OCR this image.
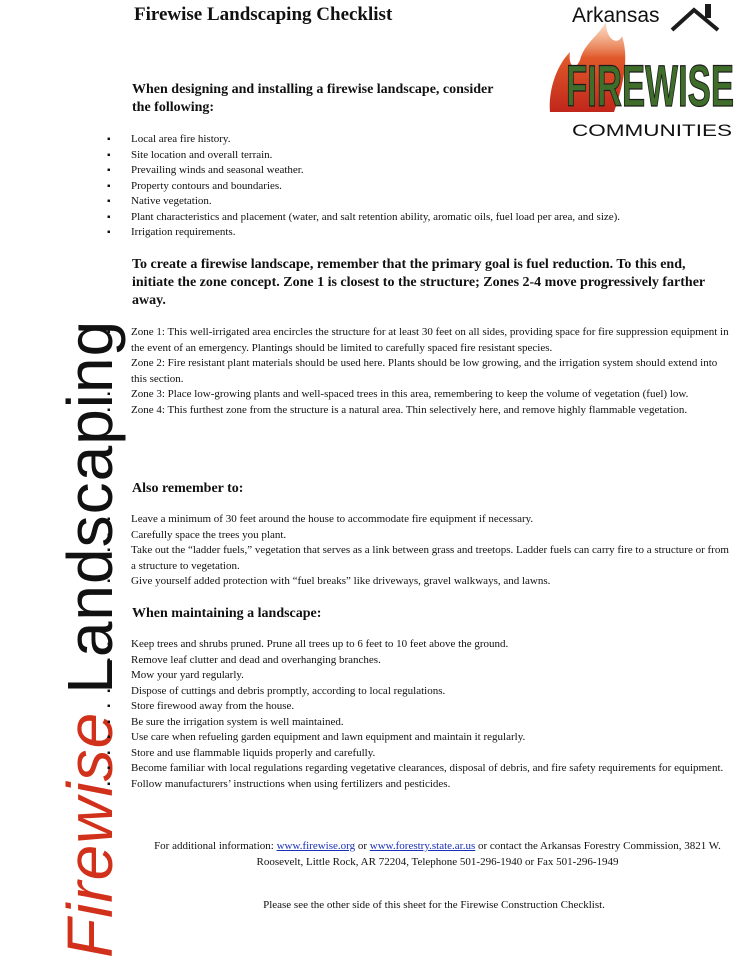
FirewiseLandscaping
Arkansas
FIREWISE
COMMUNITIES
Firewise Landscaping Checklist
When designing and installing a firewise landscape, consider the following:
▪ Local area fire history.
▪ Site location and overall terrain.
▪ Prevailing winds and seasonal weather.
▪ Property contours and boundaries.
▪ Native vegetation.
▪ Plant characteristics and placement (water, and salt retention ability, aromatic oils, fuel load per area, and size).
▪ Irrigation requirements.
To create a firewise landscape, remember that the primary goal is fuel reduction. To this end, initiate the zone concept. Zone 1 is closest to the structure; Zones 2-4 move progressively farther away.
▪ Zone 1: This well-irrigated area encircles the structure for at least 30 feet on all sides, providing space for fire suppression equipment in the event of an emergency. Plantings should be limited to carefully spaced fire resistant species.
▪ Zone 2: Fire resistant plant materials should be used here. Plants should be low growing, and the irrigation system should extend into this section.
▪ Zone 3: Place low-growing plants and well-spaced trees in this area, remembering to keep the volume of vegetation (fuel) low.
▪ Zone 4: This furthest zone from the structure is a natural area. Thin selectively here, and remove highly flammable vegetation.
Also remember to:
▪ Leave a minimum of 30 feet around the house to accommodate fire equipment if necessary.
▪ Carefully space the trees you plant.
▪ Take out the “ladder fuels,” vegetation that serves as a link between grass and treetops. Ladder fuels can carry fire to a structure or from a structure to vegetation.
▪ Give yourself added protection with “fuel breaks” like driveways, gravel walkways, and lawns.
When maintaining a landscape:
▪ Keep trees and shrubs pruned. Prune all trees up to 6 feet to 10 feet above the ground.
▪ Remove leaf clutter and dead and overhanging branches.
▪ Mow your yard regularly.
▪ Dispose of cuttings and debris promptly, according to local regulations.
▪ Store firewood away from the house.
▪ Be sure the irrigation system is well maintained.
▪ Use care when refueling garden equipment and lawn equipment and maintain it regularly.
▪ Store and use flammable liquids properly and carefully.
▪ Become familiar with local regulations regarding vegetative clearances, disposal of debris, and fire safety requirements for equipment.
▪ Follow manufacturers’ instructions when using fertilizers and pesticides.
For additional information: www.firewise.org or www.forestry.state.ar.us or contact the Arkansas Forestry Commission, 3821 W. Roosevelt, Little Rock, AR 72204, Telephone 501-296-1940 or Fax 501-296-1949
Please see the other side of this sheet for the Firewise Construction Checklist.
